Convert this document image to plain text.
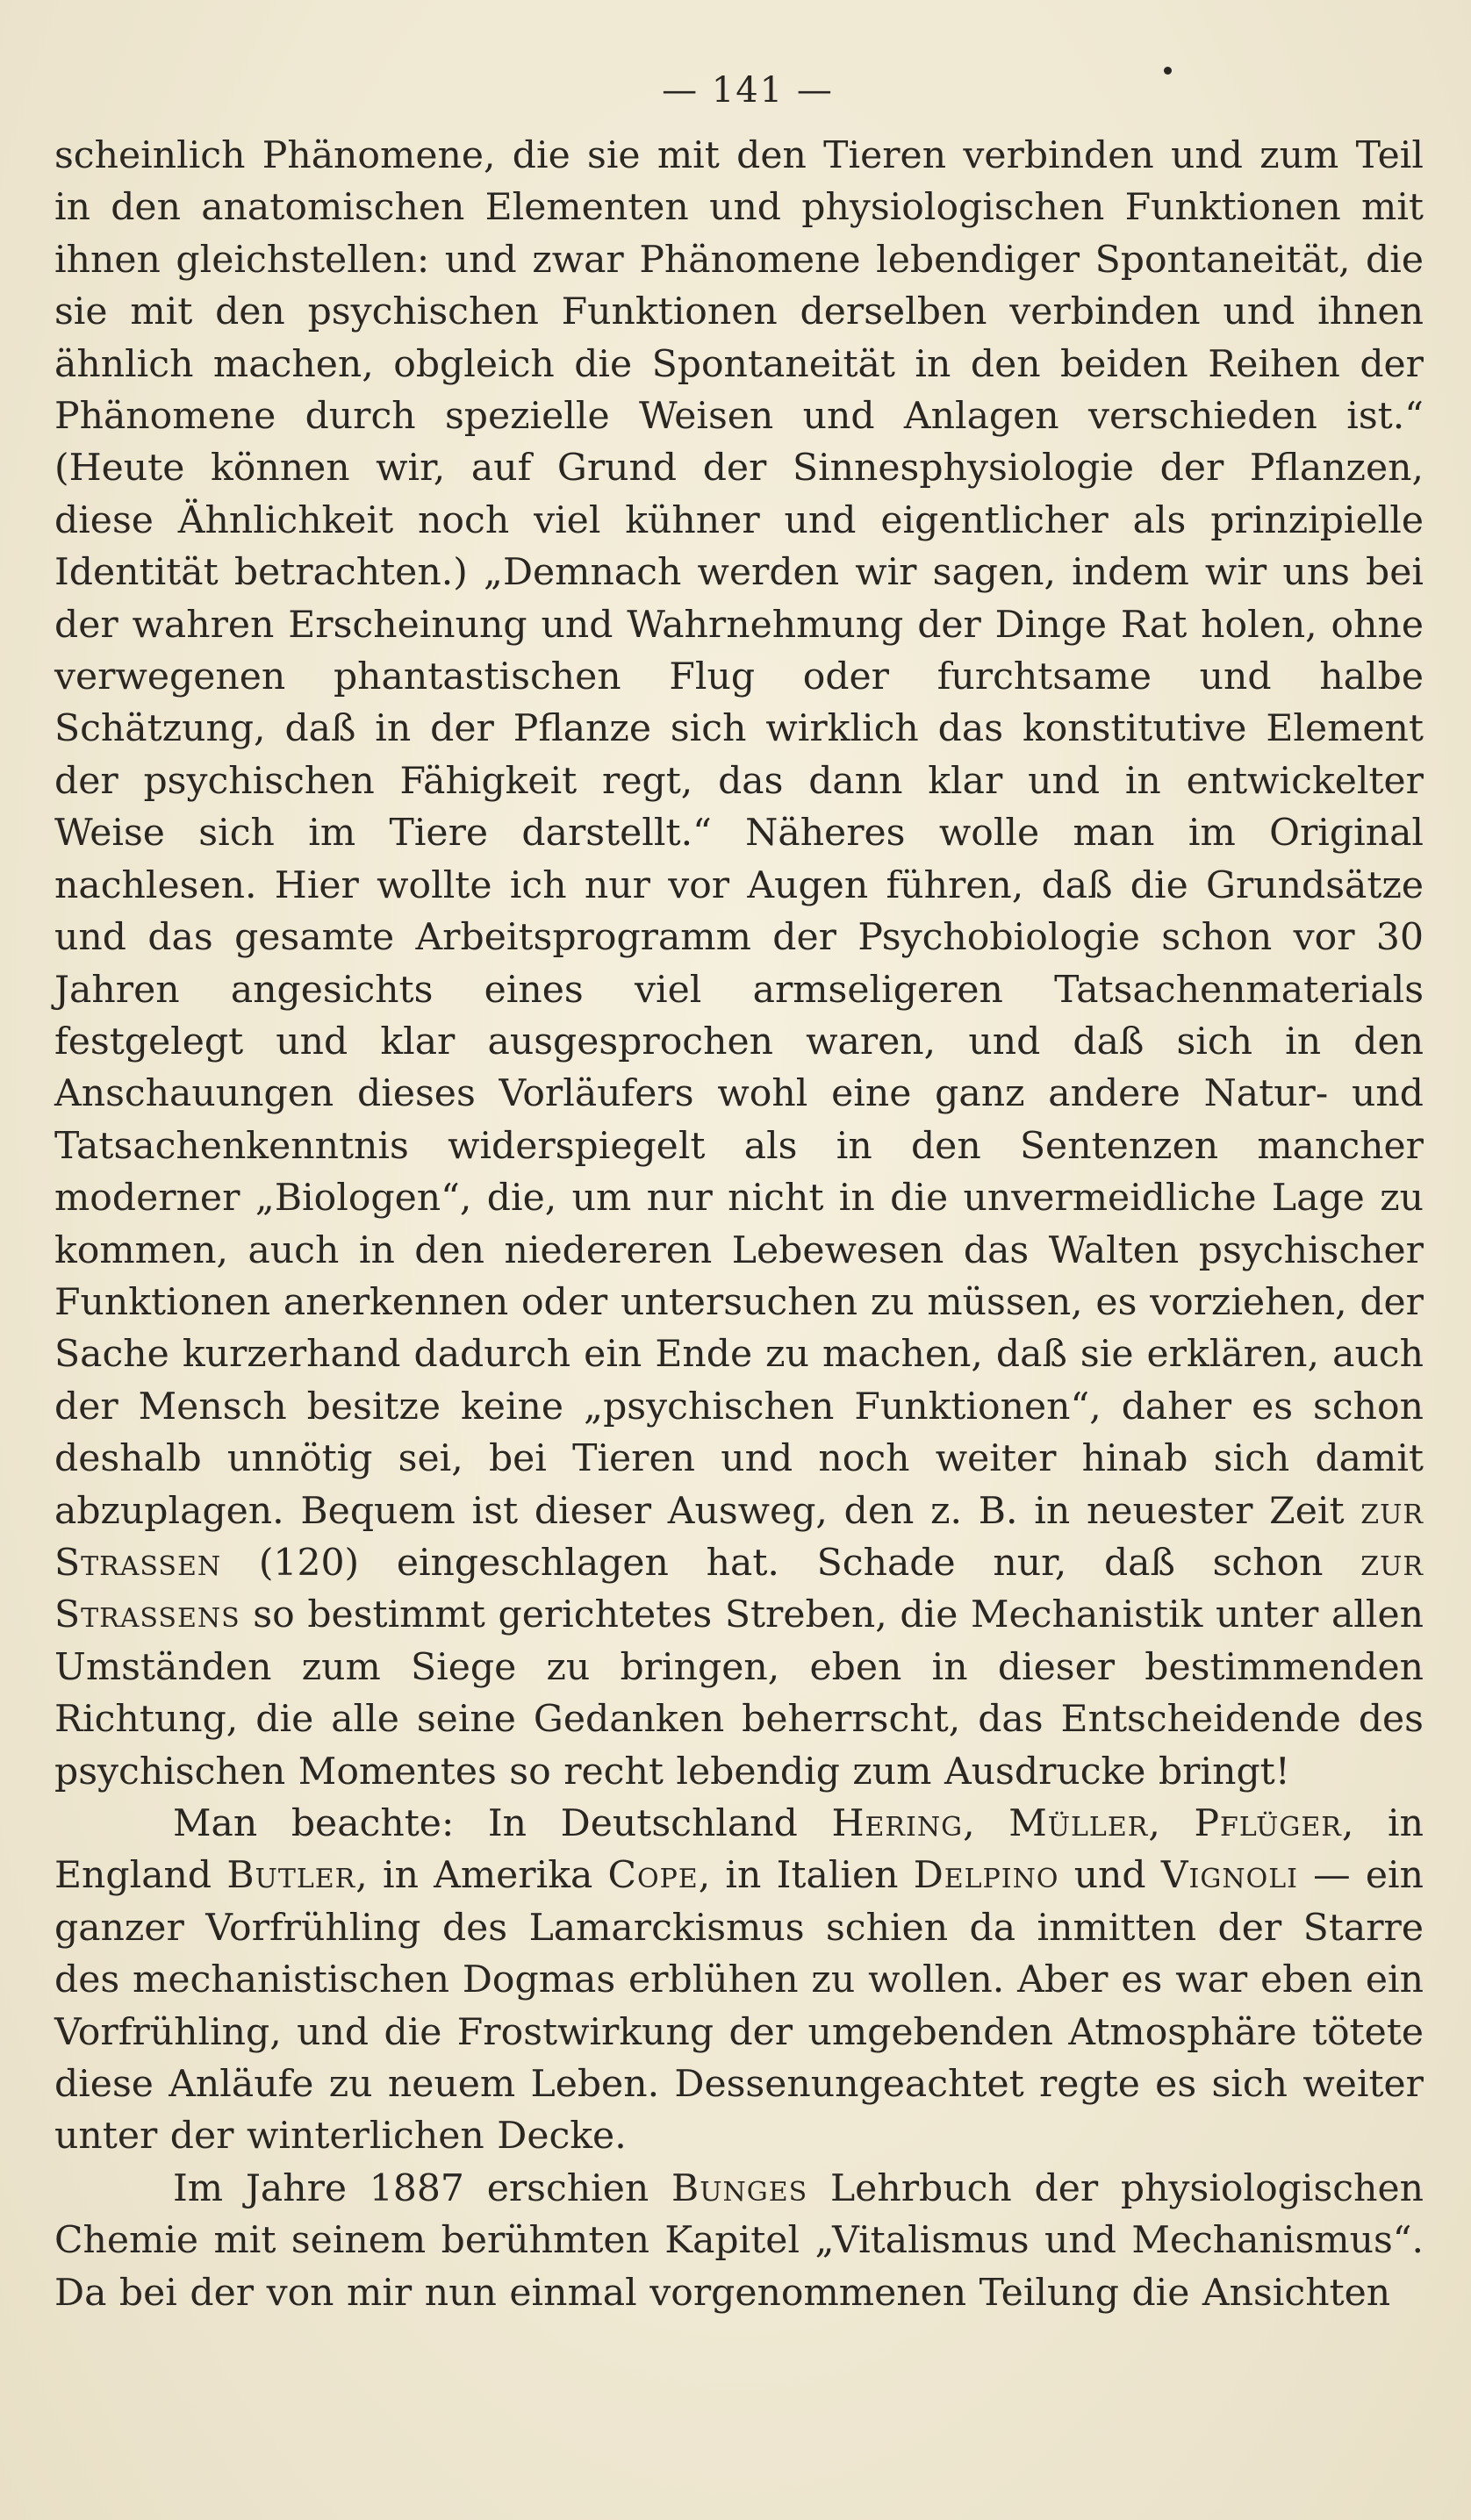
— 141 —

scheinlich Phänomene, die sie mit den Tieren verbinden und zum Teil in den anatomischen Elementen und physiologischen Funktionen mit ihnen gleichstellen: und zwar Phänomene lebendiger Spontaneität, die sie mit den psychischen Funktionen derselben verbinden und ihnen ähnlich machen, obgleich die Spontaneität in den beiden Reihen der Phänomene durch spezielle Weisen und Anlagen verschieden ist.“ (Heute können wir, auf Grund der Sinnesphysiologie der Pflanzen, diese Ähnlichkeit noch viel kühner und eigentlicher als prinzipielle Identität betrachten.) „Demnach werden wir sagen, indem wir uns bei der wahren Erscheinung und Wahrnehmung der Dinge Rat holen, ohne verwegenen phantastischen Flug oder furchtsame und halbe Schätzung, daß in der Pflanze sich wirklich das konstitutive Element der psychischen Fähigkeit regt, das dann klar und in entwickelter Weise sich im Tiere darstellt.“ Näheres wolle man im Original nachlesen. Hier wollte ich nur vor Augen führen, daß die Grundsätze und das gesamte Arbeitsprogramm der Psychobiologie schon vor 30 Jahren angesichts eines viel armseligeren Tatsachenmaterials festgelegt und klar ausgesprochen waren, und daß sich in den Anschauungen dieses Vorläufers wohl eine ganz andere Natur- und Tatsachenkenntnis widerspiegelt als in den Sentenzen mancher moderner „Biologen“, die, um nur nicht in die unvermeidliche Lage zu kommen, auch in den niedereren Lebewesen das Walten psychischer Funktionen anerkennen oder untersuchen zu müssen, es vorziehen, der Sache kurzerhand dadurch ein Ende zu machen, daß sie erklären, auch der Mensch besitze keine „psychischen Funktionen“, daher es schon deshalb unnötig sei, bei Tieren und noch weiter hinab sich damit abzuplagen. Bequem ist dieser Ausweg, den z. B. in neuester Zeit zur Strassen (120) eingeschlagen hat. Schade nur, daß schon zur Strassens so bestimmt gerichtetes Streben, die Mechanistik unter allen Umständen zum Siege zu bringen, eben in dieser bestimmenden Richtung, die alle seine Gedanken beherrscht, das Entscheidende des psychischen Momentes so recht lebendig zum Ausdrucke bringt!

Man beachte: In Deutschland Hering, Müller, Pflüger, in England Butler, in Amerika Cope, in Italien Delpino und Vignoli — ein ganzer Vorfrühling des Lamarckismus schien da inmitten der Starre des mechanistischen Dogmas erblühen zu wollen. Aber es war eben ein Vorfrühling, und die Frostwirkung der umgebenden Atmosphäre tötete diese Anläufe zu neuem Leben. Dessenungeachtet regte es sich weiter unter der winterlichen Decke.

Im Jahre 1887 erschien Bunges Lehrbuch der physiologischen Chemie mit seinem berühmten Kapitel „Vitalismus und Mechanismus“. Da bei der von mir nun einmal vorgenommenen Teilung die Ansichten
